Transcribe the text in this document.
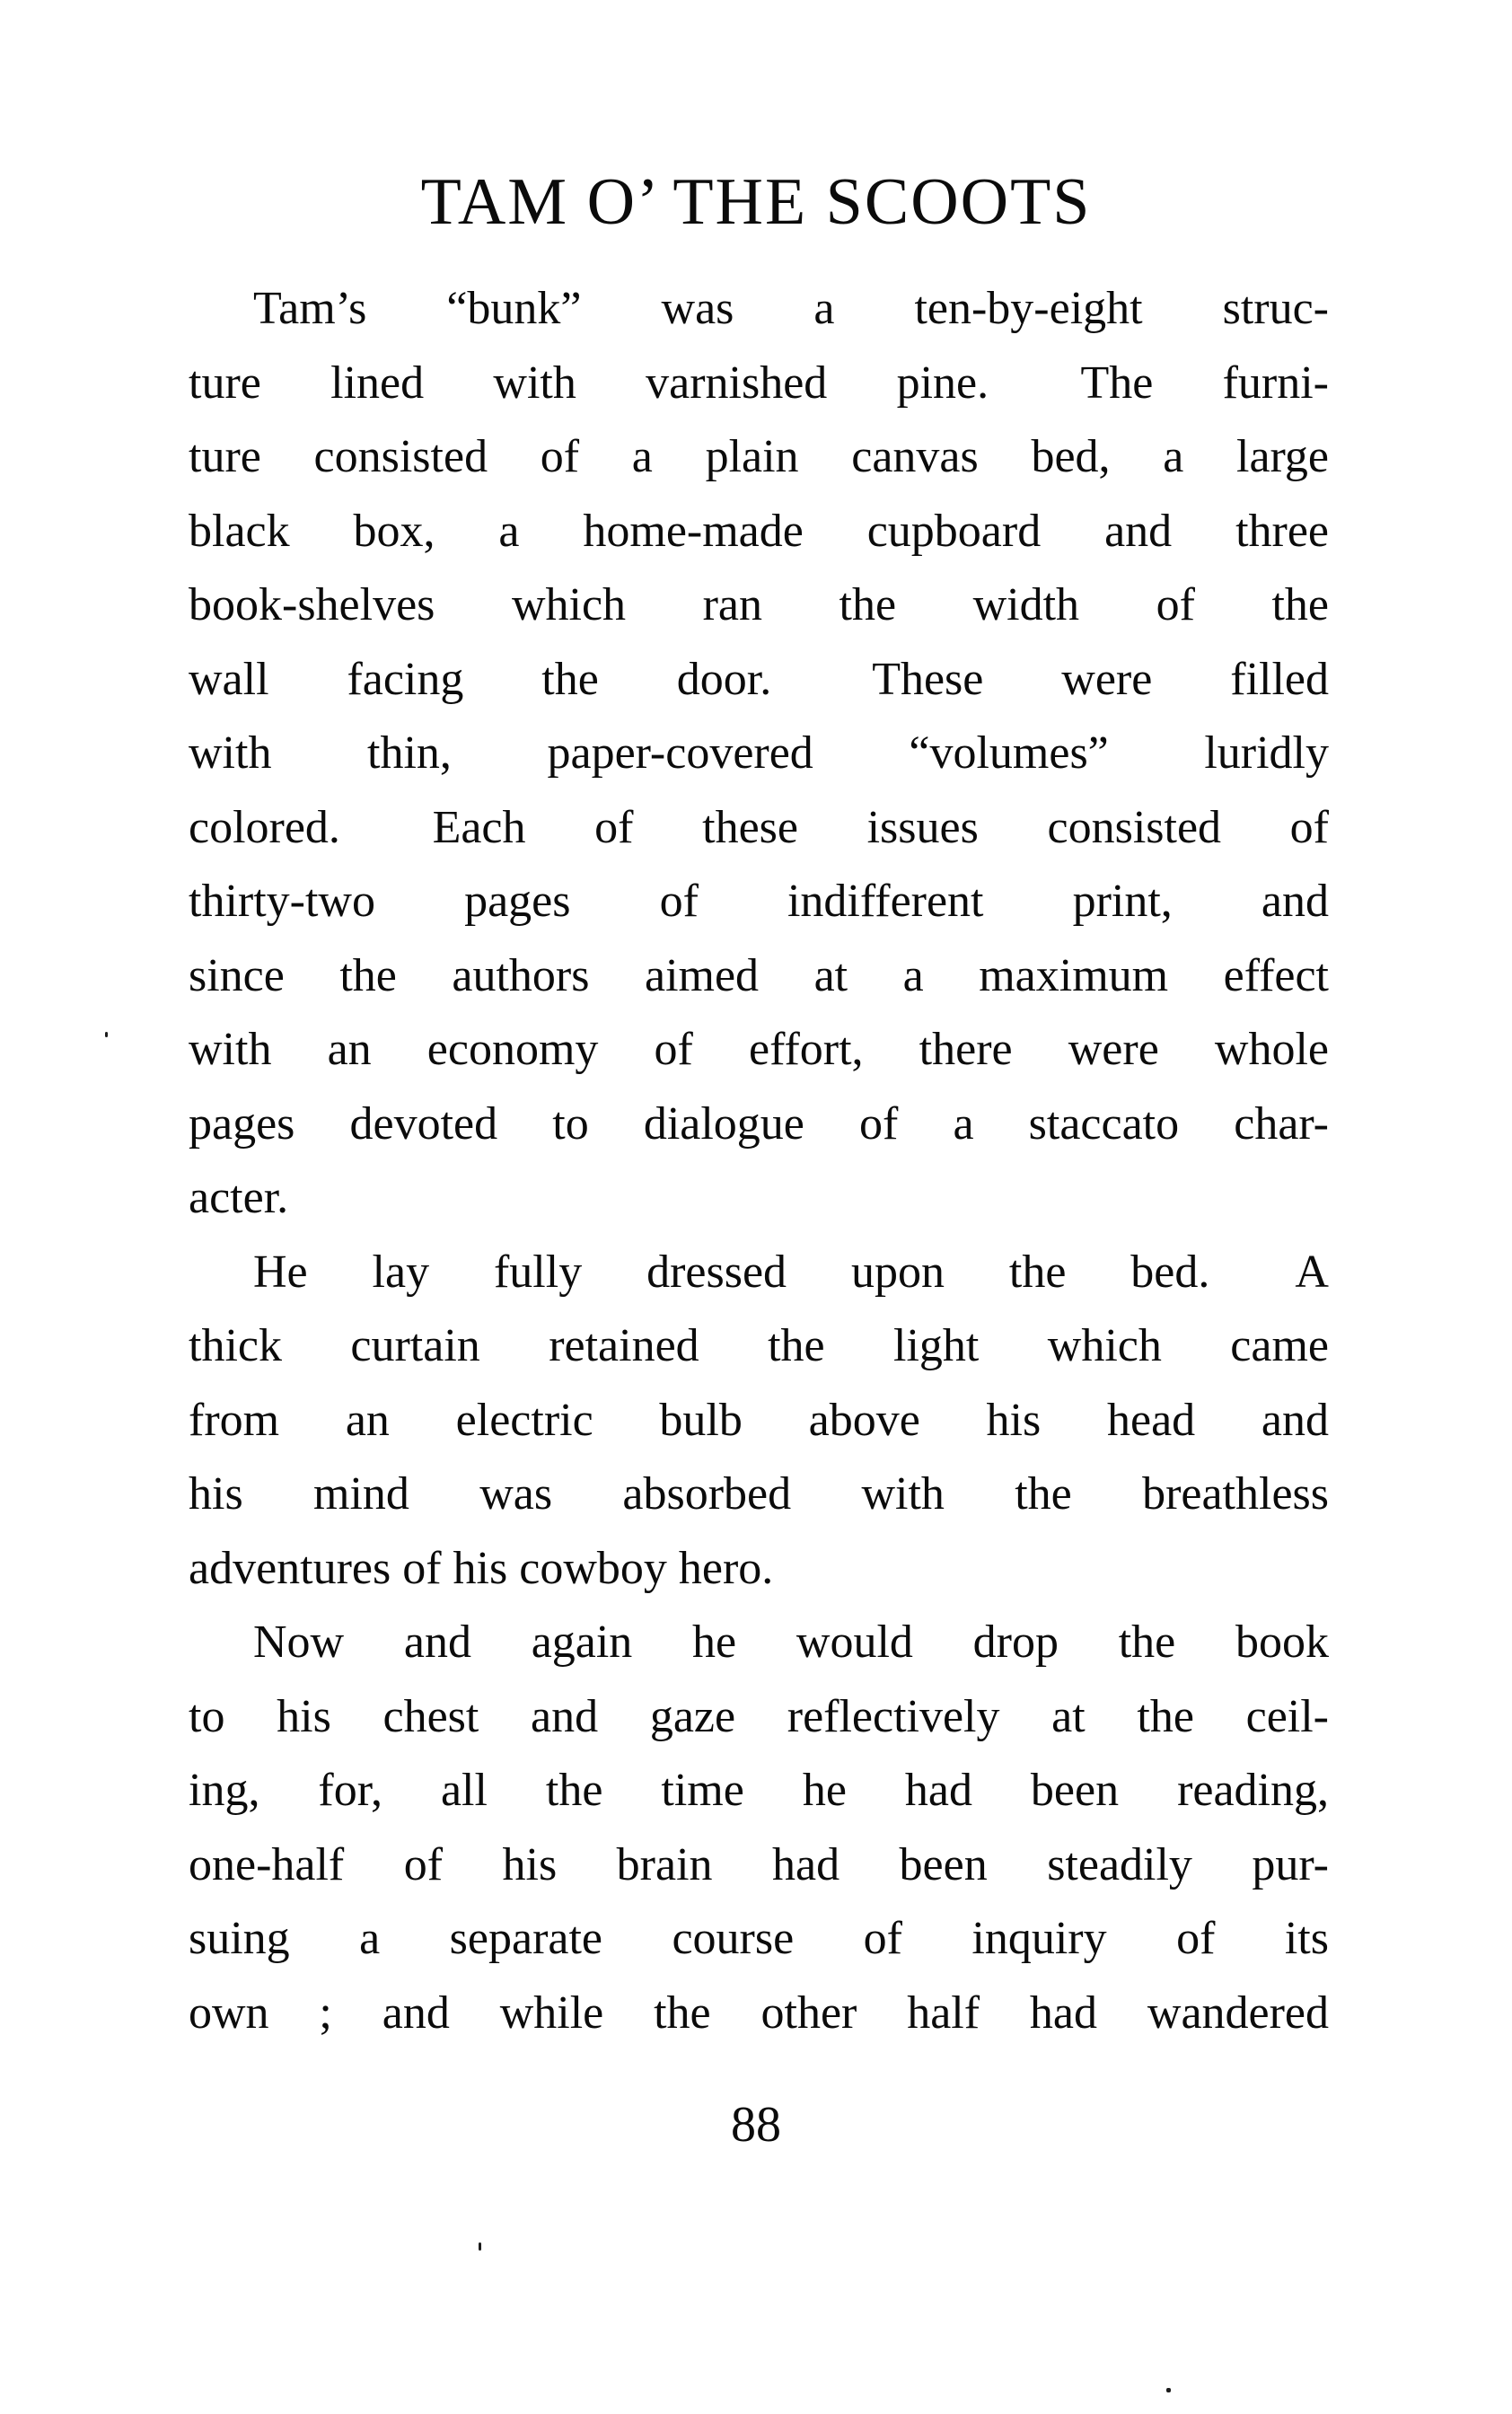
TAM O’ THE SCOOTS
Tam’s “bunk” was a ten-by-eight struc-
ture lined with varnished pine.  The furni-
ture consisted of a plain canvas bed, a large
black box, a home-made cupboard and three
book-shelves which ran the width of the
wall facing the door.  These were filled
with thin, paper-covered “volumes” luridly
colored.  Each of these issues consisted of
thirty-two pages of indifferent print, and
since the authors aimed at a maximum effect
with an economy of effort, there were whole
pages devoted to dialogue of a staccato char-
acter.
He lay fully dressed upon the bed.  A
thick curtain retained the light which came
from an electric bulb above his head and
his mind was absorbed with the breathless
adventures of his cowboy hero.
Now and again he would drop the book
to his chest and gaze reflectively at the ceil-
ing, for, all the time he had been reading,
one-half of his brain had been steadily pur-
suing a separate course of inquiry of its
own ; and while the other half had wandered
88
